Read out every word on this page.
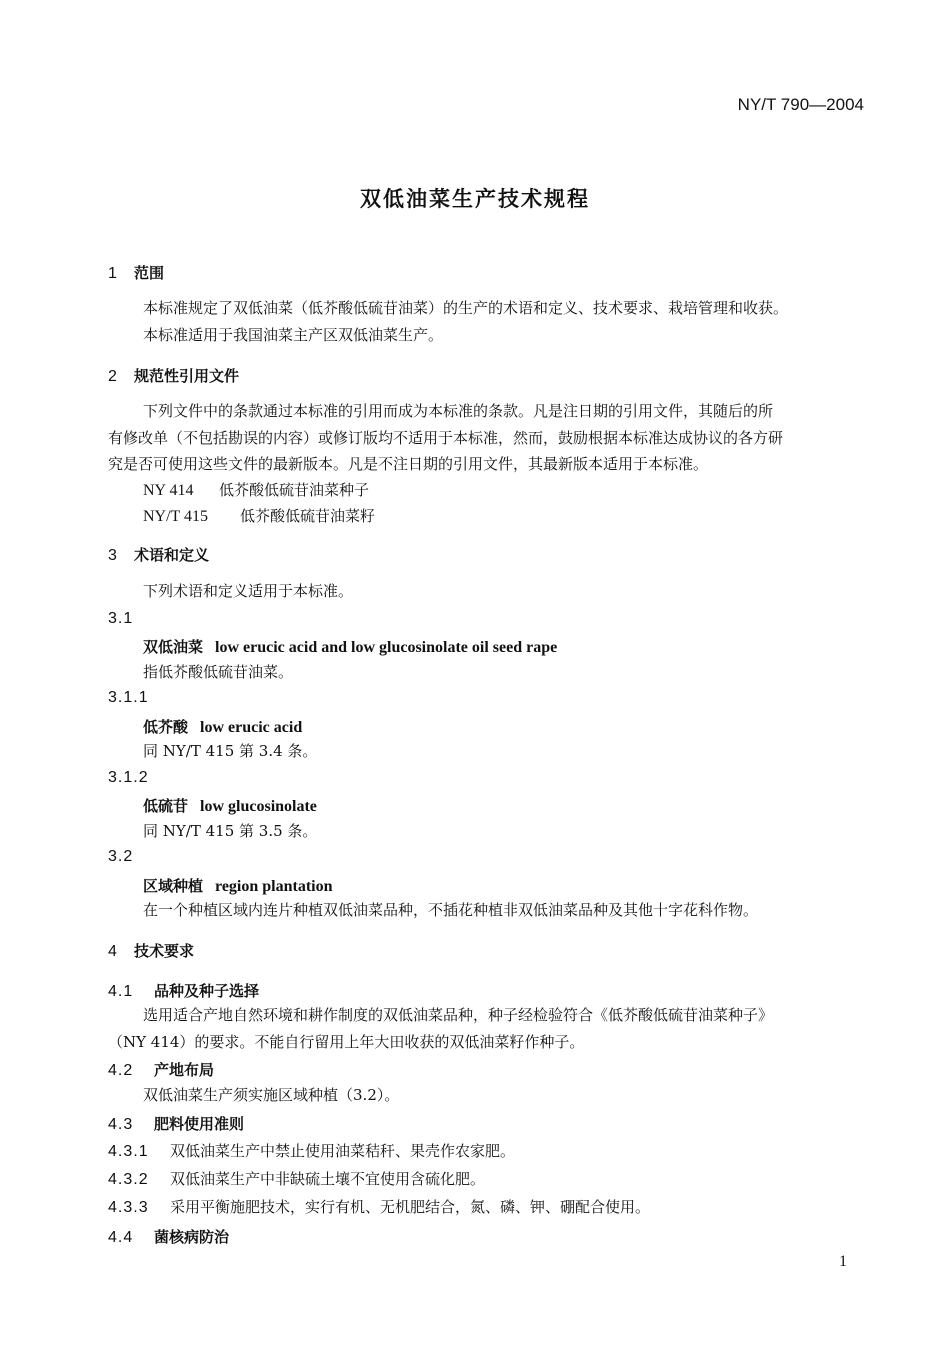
NY/T 790—2004
双低油菜生产技术规程
1 范围
本标准规定了双低油菜（低芥酸低硫苷油菜）的生产的术语和定义、技术要求、栽培管理和收获。
本标准适用于我国油菜主产区双低油菜生产。
2 规范性引用文件
下列文件中的条款通过本标准的引用而成为本标准的条款。凡是注日期的引用文件，其随后的所
有修改单（不包括勘误的内容）或修订版均不适用于本标准，然而，鼓励根据本标准达成协议的各方研
究是否可使用这些文件的最新版本。凡是不注日期的引用文件，其最新版本适用于本标准。
NY 414 低芥酸低硫苷油菜种子
NY/T 415 低芥酸低硫苷油菜籽
3 术语和定义
下列术语和定义适用于本标准。
3.1
双低油菜 low erucic acid and low glucosinolate oil seed rape
指低芥酸低硫苷油菜。
3.1.1
低芥酸 low erucic acid
同 NY/T 415 第 3.4 条。
3.1.2
低硫苷 low glucosinolate
同 NY/T 415 第 3.5 条。
3.2
区域种植 region plantation
在一个种植区域内连片种植双低油菜品种，不插花种植非双低油菜品种及其他十字花科作物。
4 技术要求
4.1 品种及种子选择
选用适合产地自然环境和耕作制度的双低油菜品种，种子经检验符合《低芥酸低硫苷油菜种子》
（NY 414）的要求。不能自行留用上年大田收获的双低油菜籽作种子。
4.2 产地布局
双低油菜生产须实施区域种植（3.2）。
4.3 肥料使用准则
4.3.1 双低油菜生产中禁止使用油菜秸秆、果壳作农家肥。
4.3.2 双低油菜生产中非缺硫土壤不宜使用含硫化肥。
4.3.3 采用平衡施肥技术，实行有机、无机肥结合，氮、磷、钾、硼配合使用。
4.4 菌核病防治
1
